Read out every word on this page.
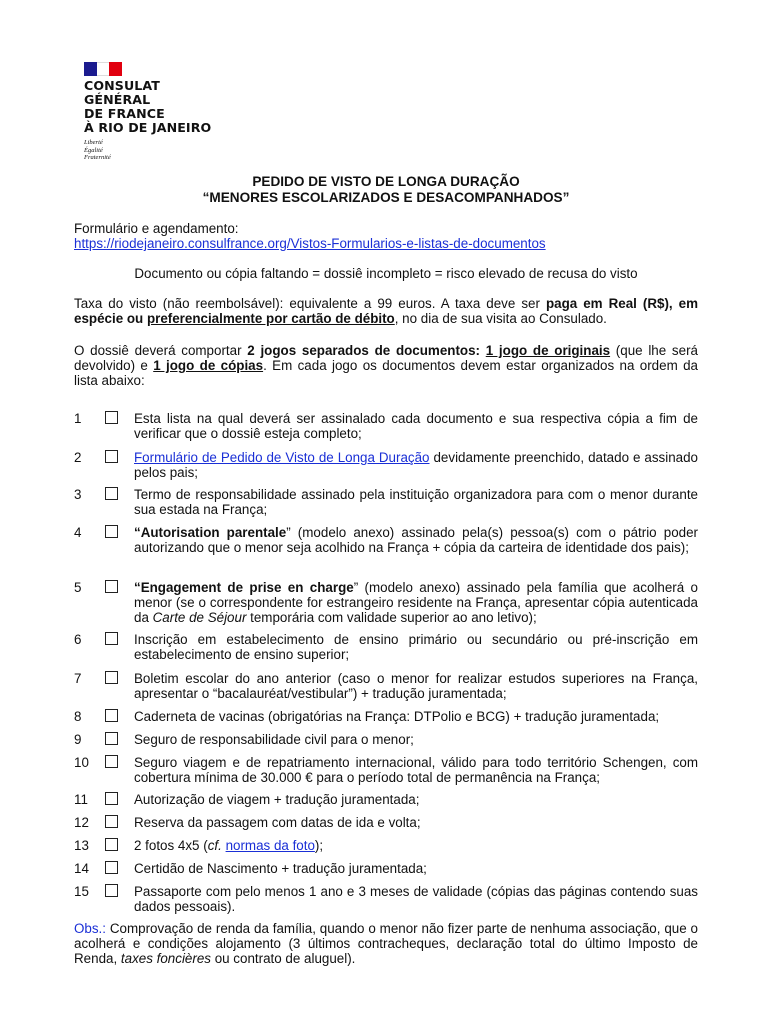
CONSULAT
GÉNÉRAL
DE FRANCE
À RIO DE JANEIRO
Liberté
Égalité
Fraternité
PEDIDO DE VISTO DE LONGA DURAÇÃO
“MENORES ESCOLARIZADOS E DESACOMPANHADOS”
Formulário e agendamento:
https://riodejaneiro.consulfrance.org/Vistos-Formularios-e-listas-de-documentos
Documento ou cópia faltando = dossiê incompleto = risco elevado de recusa do visto
Taxa do visto (não reembolsável): equivalente a 99 euros. A taxa deve ser paga em Real (R$), em espécie ou preferencialmente por cartão de débito, no dia de sua visita ao Consulado.
O dossiê deverá comportar 2 jogos separados de documentos: 1 jogo de originais (que lhe será devolvido) e 1 jogo de cópias. Em cada jogo os documentos devem estar organizados na ordem da lista abaixo:
1	Esta lista na qual deverá ser assinalado cada documento e sua respectiva cópia a fim de verificar que o dossiê esteja completo;
2	Formulário de Pedido de Visto de Longa Duração devidamente preenchido, datado e assinado pelos pais;
3	Termo de responsabilidade assinado pela instituição organizadora para com o menor durante sua estada na França;
4	“Autorisation parentale” (modelo anexo) assinado pela(s) pessoa(s) com o pátrio poder autorizando que o menor seja acolhido na França + cópia da carteira de identidade dos pais);
5	“Engagement de prise en charge” (modelo anexo) assinado pela família que acolherá o menor (se o correspondente for estrangeiro residente na França, apresentar cópia autenticada da Carte de Séjour temporária com validade superior ao ano letivo);
6	Inscrição em estabelecimento de ensino primário ou secundário ou pré-inscrição em estabelecimento de ensino superior;
7	Boletim escolar do ano anterior (caso o menor for realizar estudos superiores na França, apresentar o “bacalauréat/vestibular”) + tradução juramentada;
8	Caderneta de vacinas (obrigatórias na França: DTPolio e BCG) + tradução juramentada;
9	Seguro de responsabilidade civil para o menor;
10	Seguro viagem e de repatriamento internacional, válido para todo território Schengen, com cobertura mínima de 30.000 € para o período total de permanência na França;
11	Autorização de viagem + tradução juramentada;
12	Reserva da passagem com datas de ida e volta;
13	2 fotos 4x5 (cf. normas da foto);
14	Certidão de Nascimento + tradução juramentada;
15	Passaporte com pelo menos 1 ano e 3 meses de validade (cópias das páginas contendo suas dados pessoais).
Obs.: Comprovação de renda da família, quando o menor não fizer parte de nenhuma associação, que o acolherá e condições alojamento (3 últimos contracheques, declaração total do último Imposto de Renda, taxes foncières ou contrato de aluguel).
